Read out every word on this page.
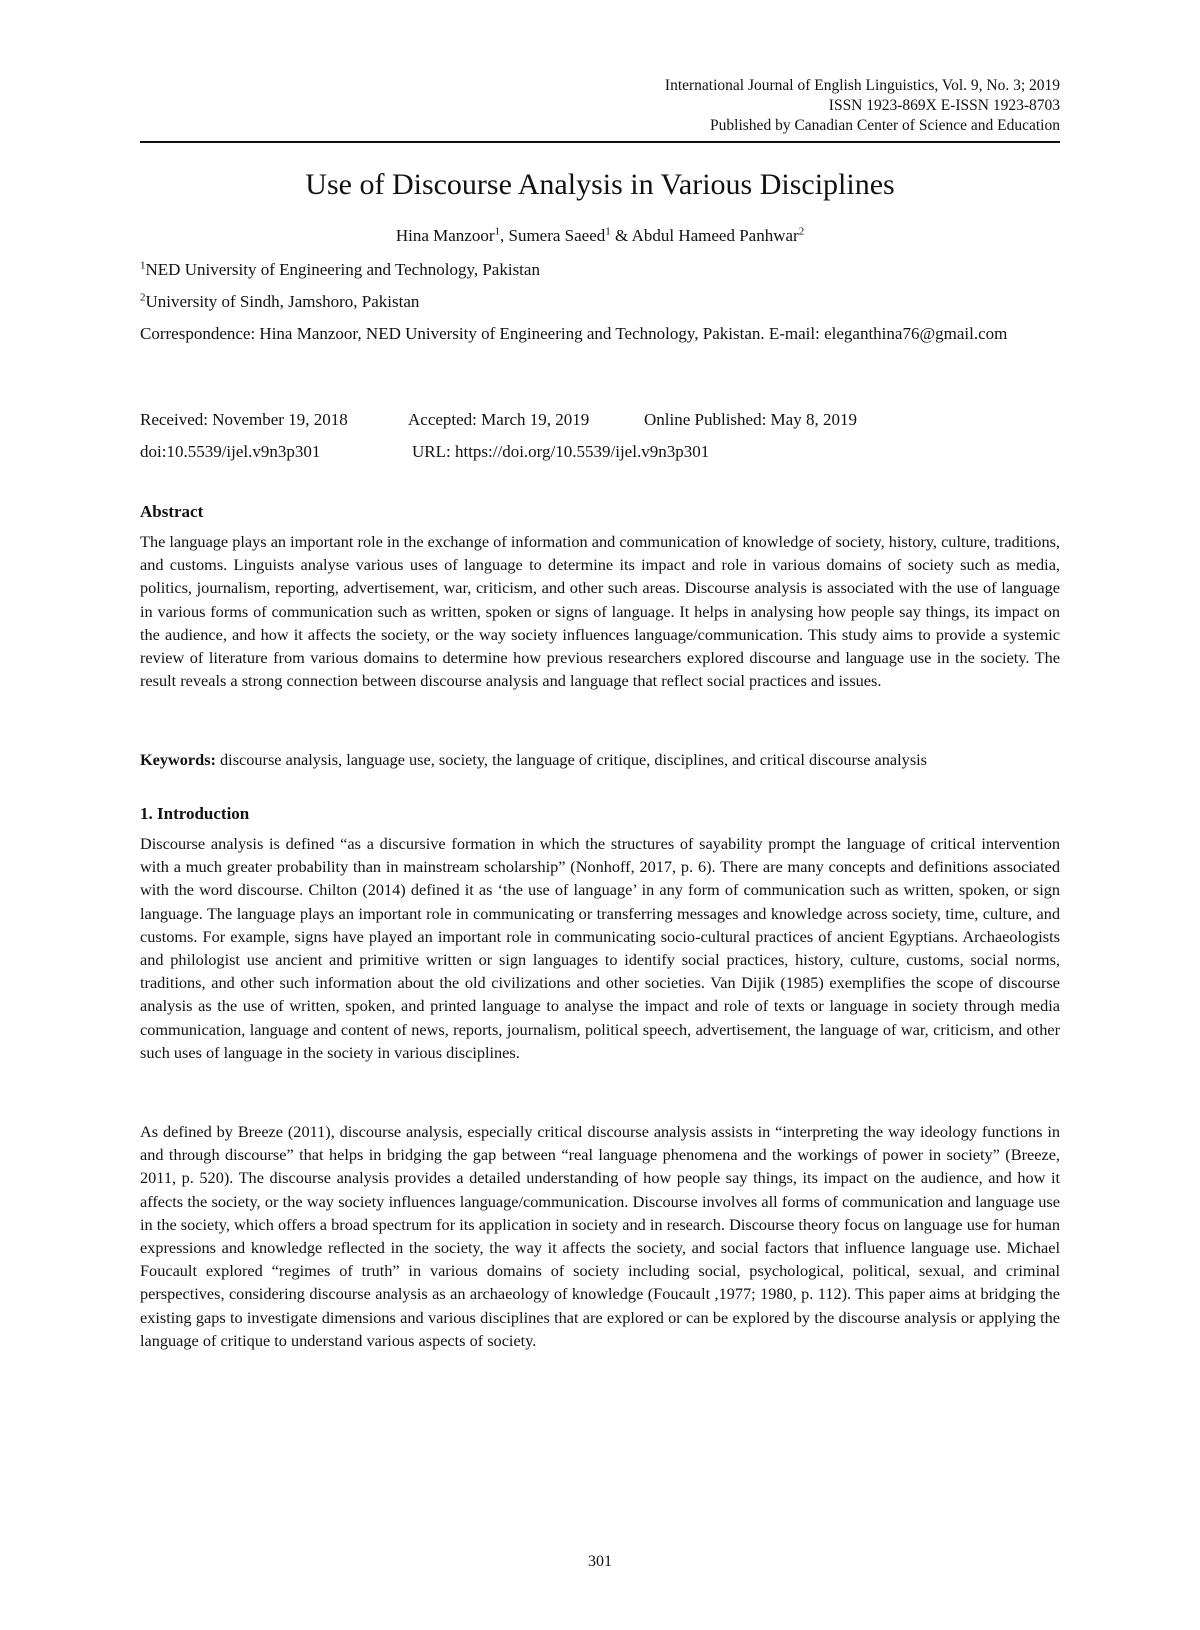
International Journal of English Linguistics, Vol. 9, No. 3; 2019
ISSN 1923-869X E-ISSN 1923-8703
Published by Canadian Center of Science and Education
Use of Discourse Analysis in Various Disciplines
Hina Manzoor$^1$, Sumera Saeed$^1$ & Abdul Hameed Panhwar$^2$
$^1$NED University of Engineering and Technology, Pakistan
$^2$University of Sindh, Jamshoro, Pakistan
Correspondence: Hina Manzoor, NED University of Engineering and Technology, Pakistan. E-mail: eleganthina76@gmail.com
Received: November 19, 2018	Accepted: March 19, 2019	Online Published: May 8, 2019
doi:10.5539/ijel.v9n3p301	URL: https://doi.org/10.5539/ijel.v9n3p301
Abstract

The language plays an important role in the exchange of information and communication of knowledge of society, history, culture, traditions, and customs. Linguists analyse various uses of language to determine its impact and role in various domains of society such as media, politics, journalism, reporting, advertisement, war, criticism, and other such areas. Discourse analysis is associated with the use of language in various forms of communication such as written, spoken or signs of language. It helps in analysing how people say things, its impact on the audience, and how it affects the society, or the way society influences language/communication. This study aims to provide a systemic review of literature from various domains to determine how previous researchers explored discourse and language use in the society. The result reveals a strong connection between discourse analysis and language that reflect social practices and issues.

Keywords: discourse analysis, language use, society, the language of critique, disciplines, and critical discourse analysis

1. Introduction

Discourse analysis is defined “as a discursive formation in which the structures of sayability prompt the language of critical intervention with a much greater probability than in mainstream scholarship” (Nonhoff, 2017, p. 6). There are many concepts and definitions associated with the word discourse. Chilton (2014) defined it as ‘the use of language’ in any form of communication such as written, spoken, or sign language. The language plays an important role in communicating or transferring messages and knowledge across society, time, culture, and customs. For example, signs have played an important role in communicating socio-cultural practices of ancient Egyptians. Archaeologists and philologist use ancient and primitive written or sign languages to identify social practices, history, culture, customs, social norms, traditions, and other such information about the old civilizations and other societies. Van Dijik (1985) exemplifies the scope of discourse analysis as the use of written, spoken, and printed language to analyse the impact and role of texts or language in society through media communication, language and content of news, reports, journalism, political speech, advertisement, the language of war, criticism, and other such uses of language in the society in various disciplines.

As defined by Breeze (2011), discourse analysis, especially critical discourse analysis assists in “interpreting the way ideology functions in and through discourse” that helps in bridging the gap between “real language phenomena and the workings of power in society” (Breeze, 2011, p. 520). The discourse analysis provides a detailed understanding of how people say things, its impact on the audience, and how it affects the society, or the way society influences language/communication. Discourse involves all forms of communication and language use in the society, which offers a broad spectrum for its application in society and in research. Discourse theory focus on language use for human expressions and knowledge reflected in the society, the way it affects the society, and social factors that influence language use. Michael Foucault explored “regimes of truth” in various domains of society including social, psychological, political, sexual, and criminal perspectives, considering discourse analysis as an archaeology of knowledge (Foucault ,1977; 1980, p. 112). This paper aims at bridging the existing gaps to investigate dimensions and various disciplines that are explored or can be explored by the discourse analysis or applying the language of critique to understand various aspects of society.

301
